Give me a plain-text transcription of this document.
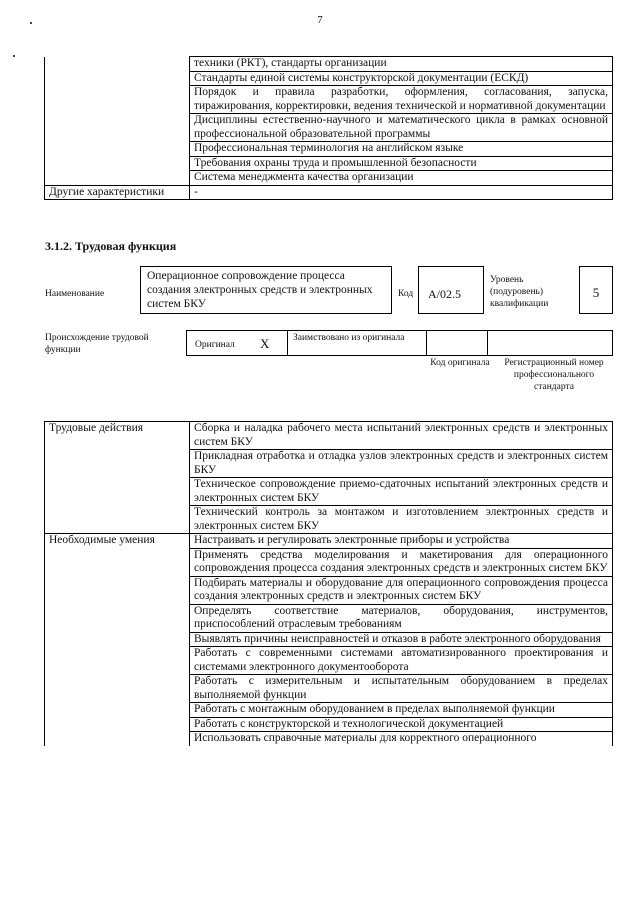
7
	техники (РКТ), стандарты организации
	Стандарты единой системы конструкторской документации (ЕСКД)
	Порядок и правила разработки, оформления, согласования, запуска, тиражирования, корректировки, ведения технической и нормативной документации
	Дисциплины естественно-научного и математического цикла в рамках основной профессиональной образовательной программы
	Профессиональная терминология на английском языке
	Требования охраны труда и промышленной безопасности
	Система менеджмента качества организации
Другие характеристики	-
3.1.2. Трудовая функция
Наименование
Операционное сопровождение процесса создания электронных средств и электронных систем БКУ
Код А/02.5
Уровень (подуровень) квалификации
5
Происхождение трудовой функции	Оригинал X Заимствовано из оригинала
Код оригинала	Регистрационный номер профессионального стандарта
Трудовые действия	Сборка и наладка рабочего места испытаний электронных средств и электронных систем БКУ
	Прикладная отработка и отладка узлов электронных средств и электронных систем БКУ
	Техническое сопровождение приемо-сдаточных испытаний электронных средств и электронных систем БКУ
	Технический контроль за монтажом и изготовлением электронных средств и электронных систем БКУ
Необходимые умения	Настраивать и регулировать электронные приборы и устройства
	Применять средства моделирования и макетирования для операционного сопровождения процесса создания электронных средств и электронных систем БКУ
	Подбирать материалы и оборудование для операционного сопровождения процесса создания электронных средств и электронных систем БКУ
	Определять соответствие материалов, оборудования, инструментов, приспособлений отраслевым требованиям
	Выявлять причины неисправностей и отказов в работе электронного оборудования
	Работать с современными системами автоматизированного проектирования и системами электронного документооборота
	Работать с измерительным и испытательным оборудованием в пределах выполняемой функции
	Работать с монтажным оборудованием в пределах выполняемой функции
	Работать с конструкторской и технологической документацией
	Использовать справочные материалы для корректного операционного
